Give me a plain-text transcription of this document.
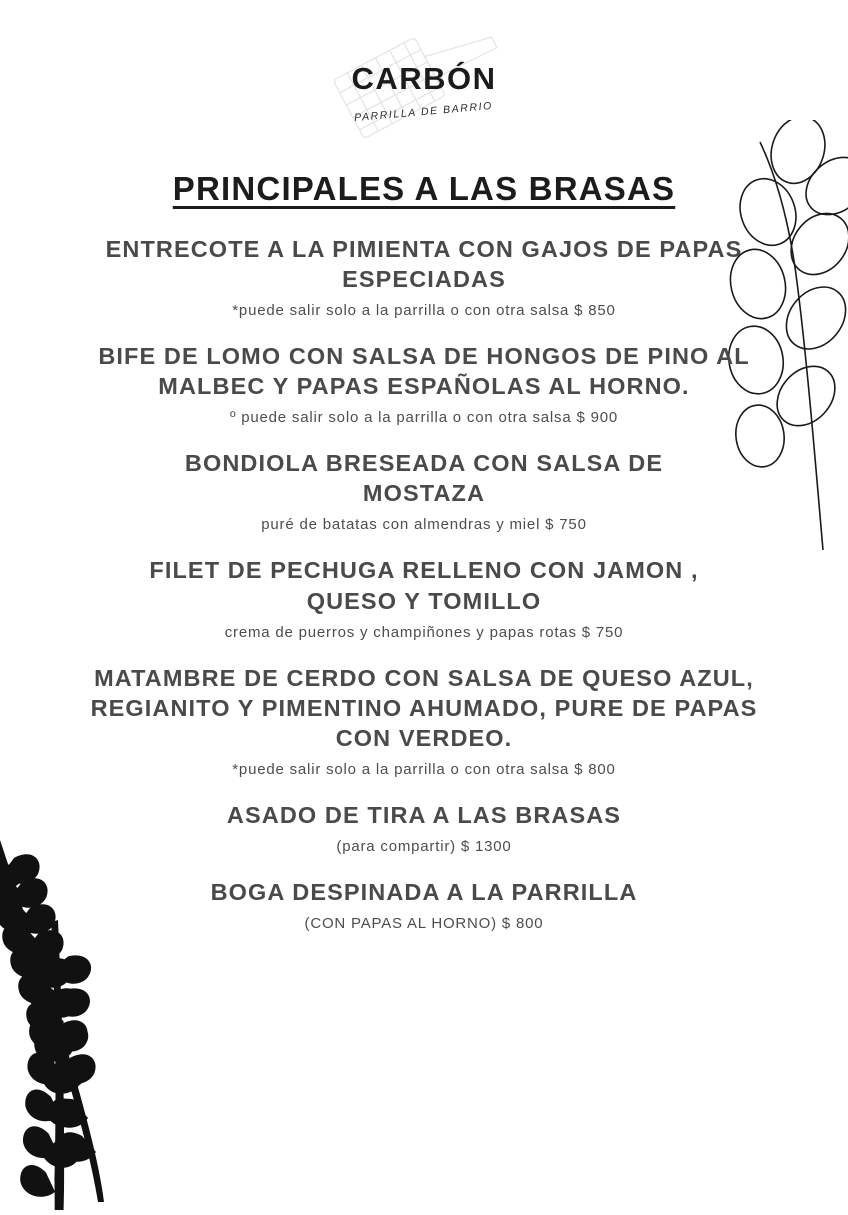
CARBÓN
PARRILLA DE BARRIO
PRINCIPALES A LAS BRASAS
ENTRECOTE A LA PIMIENTA CON GAJOS DE PAPAS ESPECIADAS
*puede salir solo a la parrilla o con otra salsa $ 850
BIFE DE LOMO CON SALSA DE HONGOS DE PINO AL MALBEC Y PAPAS ESPAÑOLAS AL HORNO.
º puede salir solo a la parrilla o con otra salsa $ 900
BONDIOLA BRESEADA CON SALSA DE MOSTAZA
puré de batatas con almendras y miel $ 750
FILET DE PECHUGA RELLENO CON JAMON , QUESO Y TOMILLO
crema de puerros y champiñones y papas rotas $ 750
MATAMBRE DE CERDO CON SALSA DE QUESO AZUL, REGIANITO Y PIMENTINO AHUMADO, PURE DE PAPAS CON VERDEO.
*puede salir solo a la parrilla o con otra salsa $ 800
ASADO DE TIRA A LAS BRASAS
(para compartir) $ 1300
BOGA DESPINADA A LA PARRILLA
(CON PAPAS AL HORNO) $ 800
